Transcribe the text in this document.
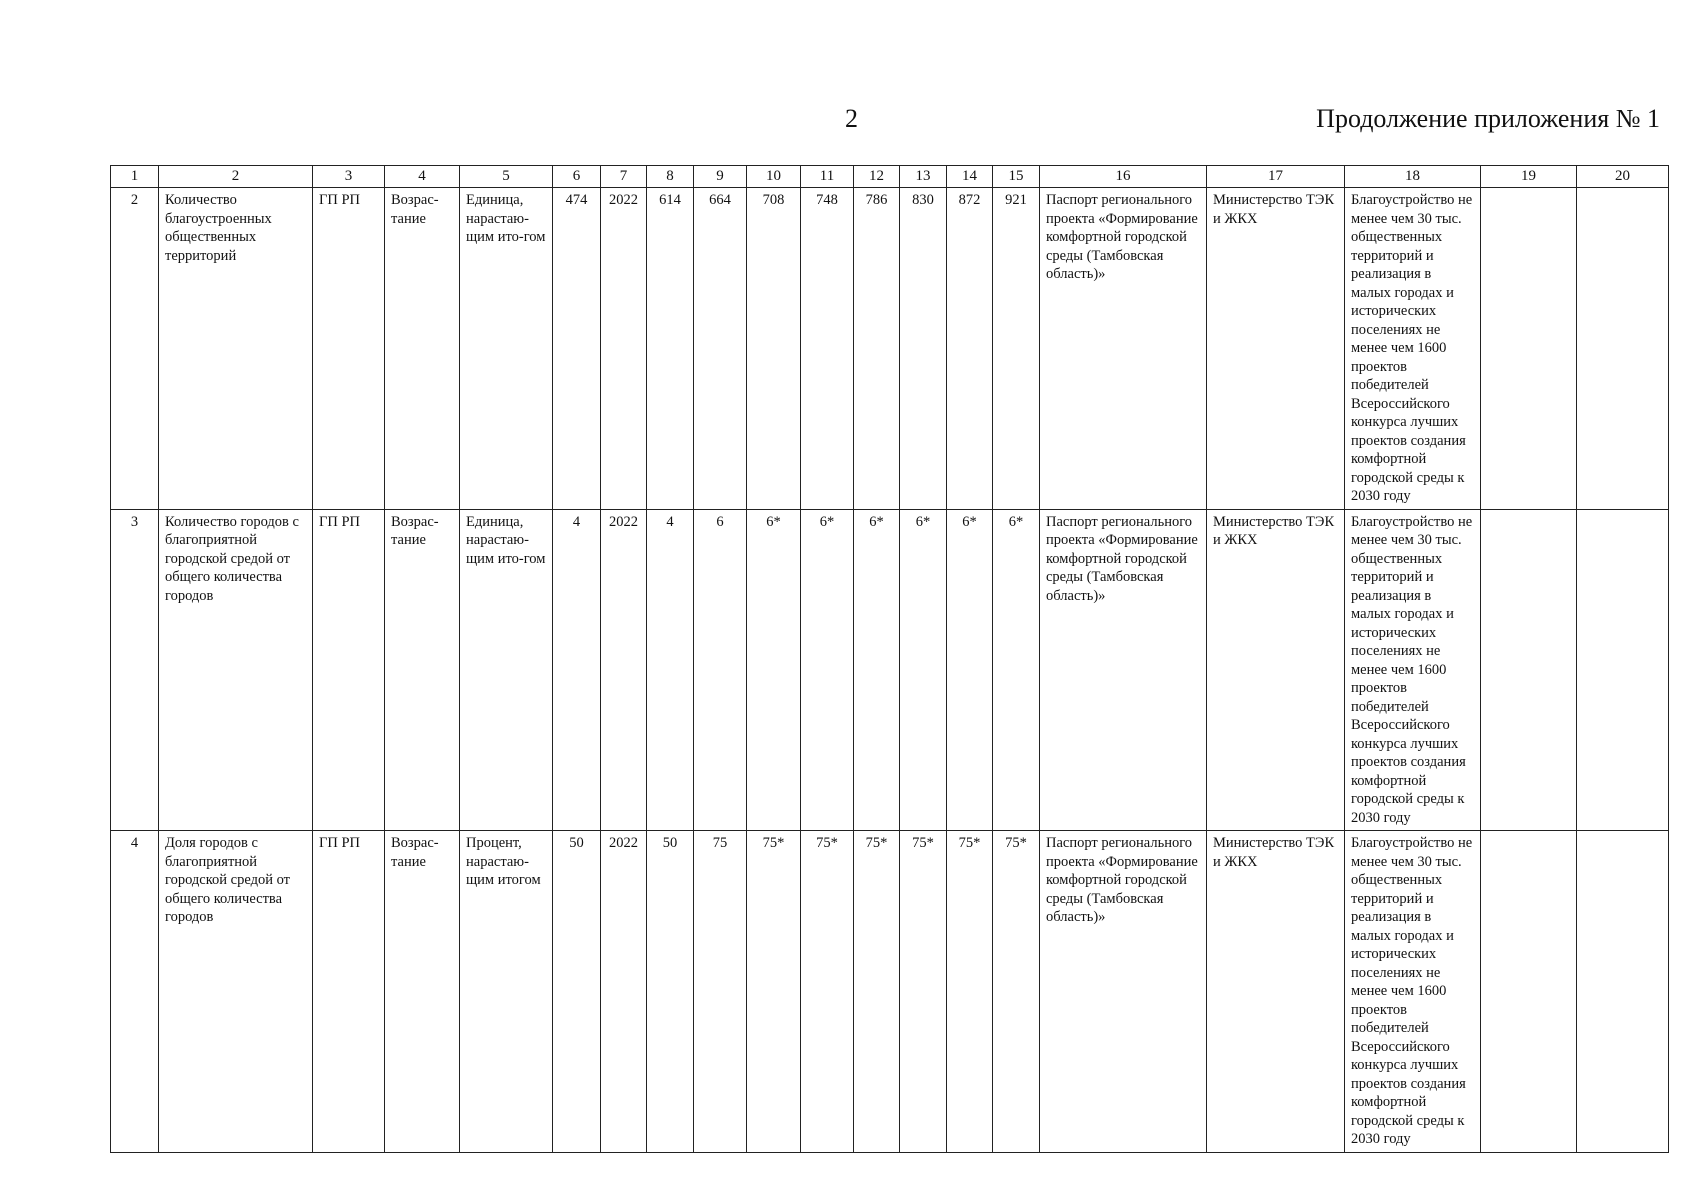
2	Продолжение приложения № 1
1	2	3	4	5	6	7	8	9	10	11	12	13	14	15	16	17	18	19	20
2	Количество благоустроенных общественных территорий	ГП РП	Возрас-тание	Единица, нарастаю-щим ито-гом	474	2022	614	664	708	748	786	830	872	921	Паспорт регионального проекта «Формирование комфортной городской среды (Тамбовская область)»	Министерство ТЭК и ЖКХ	Благоустройство не менее чем 30 тыс. общественных территорий и реализация в малых городах и исторических поселениях не менее чем 1600 проектов победителей Всероссийского конкурса лучших проектов создания комфортной городской среды к 2030 году		
3	Количество городов с благоприятной городской средой от общего количества городов	ГП РП	Возрас-тание	Единица, нарастаю-щим ито-гом	4	2022	4	6	6*	6*	6*	6*	6*	6*	Паспорт регионального проекта «Формирование комфортной городской среды (Тамбовская область)»	Министерство ТЭК и ЖКХ	Благоустройство не менее чем 30 тыс. общественных территорий и реализация в малых городах и исторических поселениях не менее чем 1600 проектов победителей Всероссийского конкурса лучших проектов создания комфортной городской среды к 2030 году		
4	Доля городов с благоприятной городской средой от общего количества городов	ГП РП	Возрас-тание	Процент, нарастаю-щим итогом	50	2022	50	75	75*	75*	75*	75*	75*	75*	Паспорт регионального проекта «Формирование комфортной городской среды (Тамбовская область)»	Министерство ТЭК и ЖКХ	Благоустройство не менее чем 30 тыс. общественных территорий и реализация в малых городах и исторических поселениях не менее чем 1600 проектов победителей Всероссийского конкурса лучших проектов создания комфортной городской среды к 2030 году		
